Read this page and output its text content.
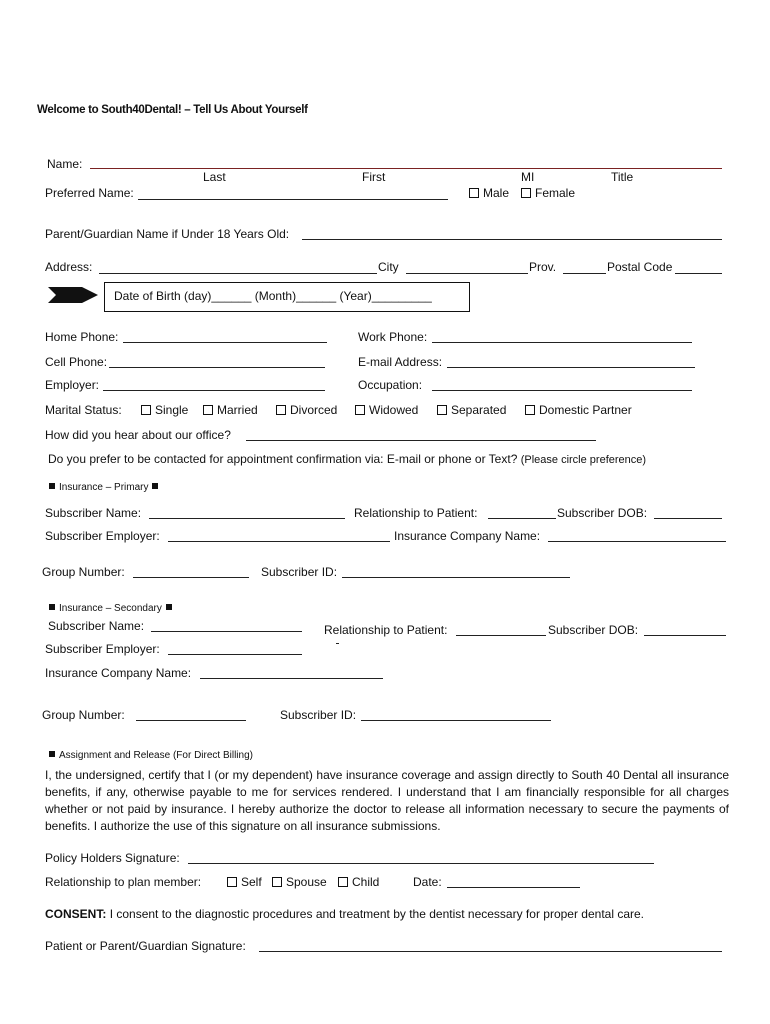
Welcome to South40Dental! – Tell Us About Yourself
Name:
Last	First	MI	Title
Preferred Name:	Male	Female
Parent/Guardian Name if Under 18 Years Old:
Address:	City	Prov.	Postal Code
Date of Birth (day)______ (Month)______ (Year)_________
Home Phone:	Work Phone:
Cell Phone:	E-mail Address:
Employer:	Occupation:
Marital Status:	Single	Married	Divorced	Widowed	Separated	Domestic Partner
How did you hear about our office?
Do you prefer to be contacted for appointment confirmation via: E-mail or phone or Text? (Please circle preference)
Insurance – Primary
Subscriber Name:	Relationship to Patient:	Subscriber DOB:
Subscriber Employer:	Insurance Company Name:
Group Number:	Subscriber ID:
Insurance – Secondary
Subscriber Name:	Relationship to Patient:	Subscriber DOB:
Subscriber Employer:
Insurance Company Name:
Group Number:	Subscriber ID:
Assignment and Release (For Direct Billing)
I, the undersigned, certify that I (or my dependent) have insurance coverage and assign directly to South 40 Dental all insurance benefits, if any, otherwise payable to me for services rendered. I understand that I am financially responsible for all charges whether or not paid by insurance. I hereby authorize the doctor to release all information necessary to secure the payments of benefits. I authorize the use of this signature on all insurance submissions.
Policy Holders Signature:
Relationship to plan member:	Self	Spouse	Child	Date:
CONSENT: I consent to the diagnostic procedures and treatment by the dentist necessary for proper dental care.
Patient or Parent/Guardian Signature:
